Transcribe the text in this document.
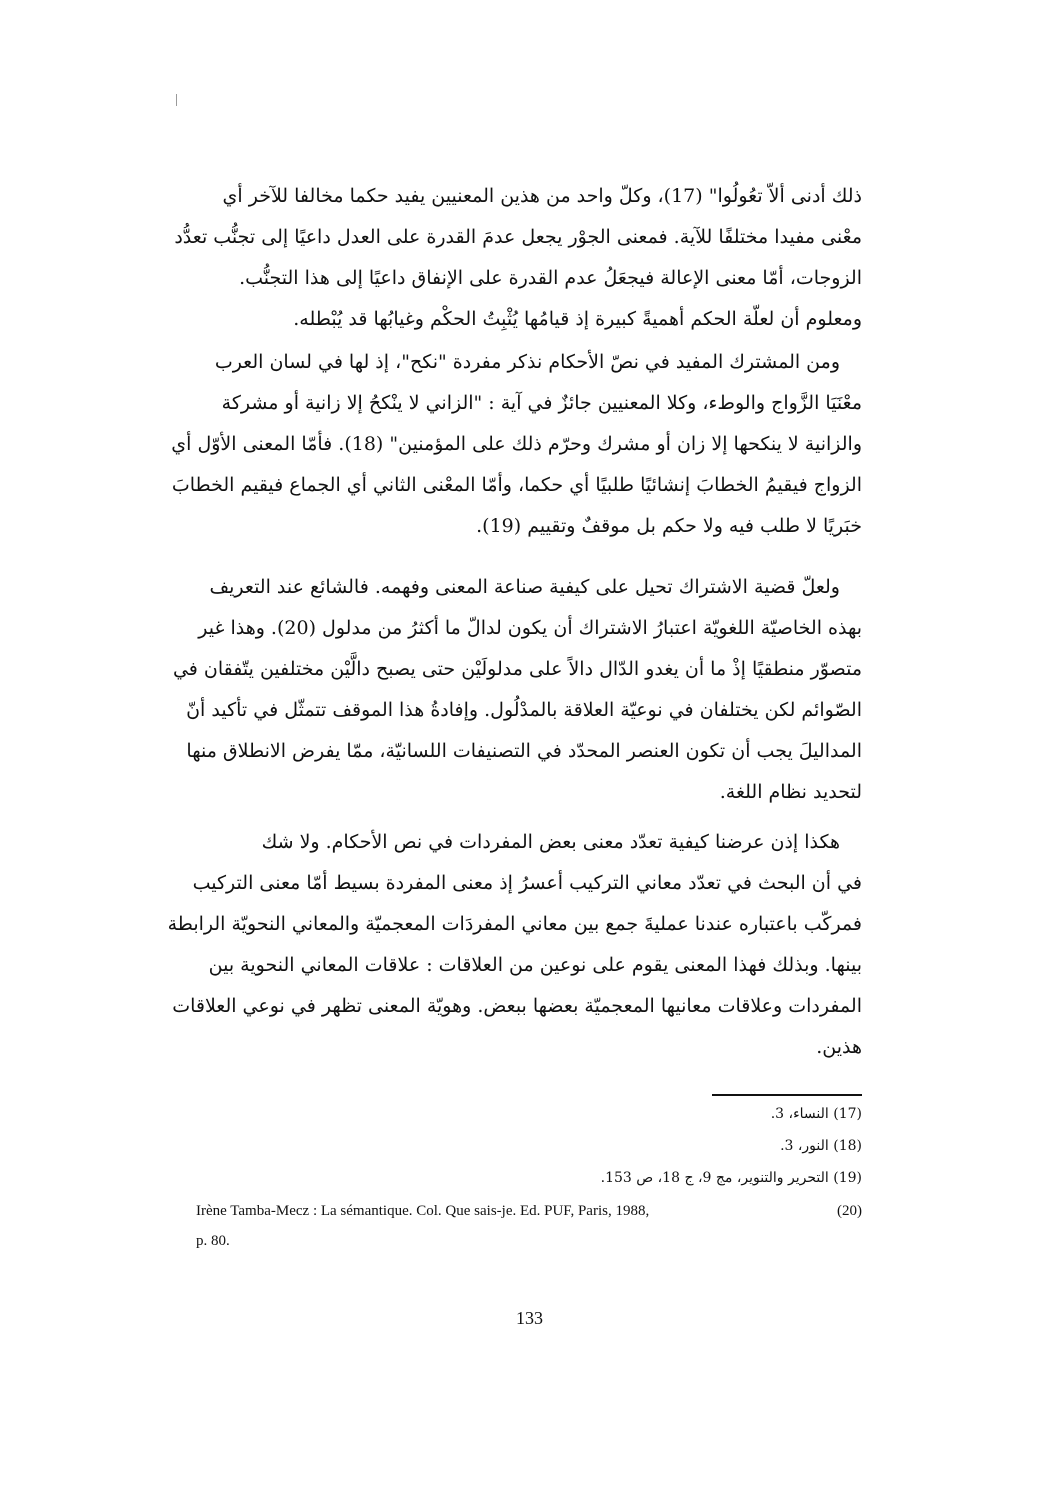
ذلك أدنى ألاّ تعُولُوا" (17)، وكلّ واحد من هذين المعنيين يفيد حكما مخالفا للآخر أي
معْنى مفيدا مختلفًا للآية. فمعنى الجوْر يجعل عدمَ القدرة على العدل داعيًا إلى تجنُّب تعدُّد
الزوجات، أمّا معنى الإعالة فيجعَلُ عدم القدرة على الإنفاق داعيًا إلى هذا التجنُّب.
ومعلوم أن لعلّة الحكم أهميةً كبيرة إذ قيامُها يُثْبِتُ الحكْم وغيابُها قد يُبْطله.
ومن المشترك المفيد في نصّ الأحكام نذكر مفردة "نكح"، إذ لها في لسان العرب
معْنَيَا الزَّواج والوطء، وكلا المعنيين جائزٌ في آية : "الزاني لا ينْكحُ إلا زانية أو مشركة
والزانية لا ينكحها إلا زان أو مشرك وحرّم ذلك على المؤمنين" (18). فأمّا المعنى الأوّل أي
الزواج فيقيمُ الخطابَ إنشائيًا طلبيًا أي حكما، وأمّا المعْنى الثاني أي الجماع فيقيم الخطابَ
خبَريًا لا طلب فيه ولا حكم بل موقفٌ وتقييم (19).
ولعلّ قضية الاشتراك تحيل على كيفية صناعة المعنى وفهمه. فالشائع عند التعريف
بهذه الخاصيّة اللغويّة اعتبارُ الاشتراك أن يكون لدالّ ما أكثرُ من مدلول (20). وهذا غير
متصوّر منطقيًا إذْ ما أن يغدو الدّال دالاً على مدلولَيْن حتى يصبح دالَّيْن مختلفين يتّفقان في
الصّوائم لكن يختلفان في نوعيّة العلاقة بالمدْلُول. وإفادةُ هذا الموقف تتمثّل في تأكيد أنّ
المداليلَ يجب أن تكون العنصر المحدّد في التصنيفات اللسانيّة، ممّا يفرض الانطلاق منها
لتحديد نظام اللغة.
هكذا إذن عرضنا كيفية تعدّد معنى بعض المفردات في نص الأحكام. ولا شك
في أن البحث في تعدّد معاني التركيب أعسرُ إذ معنى المفردة بسيط أمّا معنى التركيب
فمركّب باعتباره عندنا عمليةَ جمع بين معاني المفردَات المعجميّة والمعاني النحويّة الرابطة
بينها. وبذلك فهذا المعنى يقوم على نوعين من العلاقات : علاقات المعاني النحوية بين
المفردات وعلاقات معانيها المعجميّة بعضها ببعض. وهويّة المعنى تظهر في نوعي العلاقات
هذين.
(17) النساء، 3.
(18) النور، 3.
(19) التحرير والتنوير، مج 9، ج 18، ص 153.
Irène Tamba-Mecz : La sémantique. Col. Que sais-je. Ed. PUF, Paris, 1988,	(20)
p. 80.
133
